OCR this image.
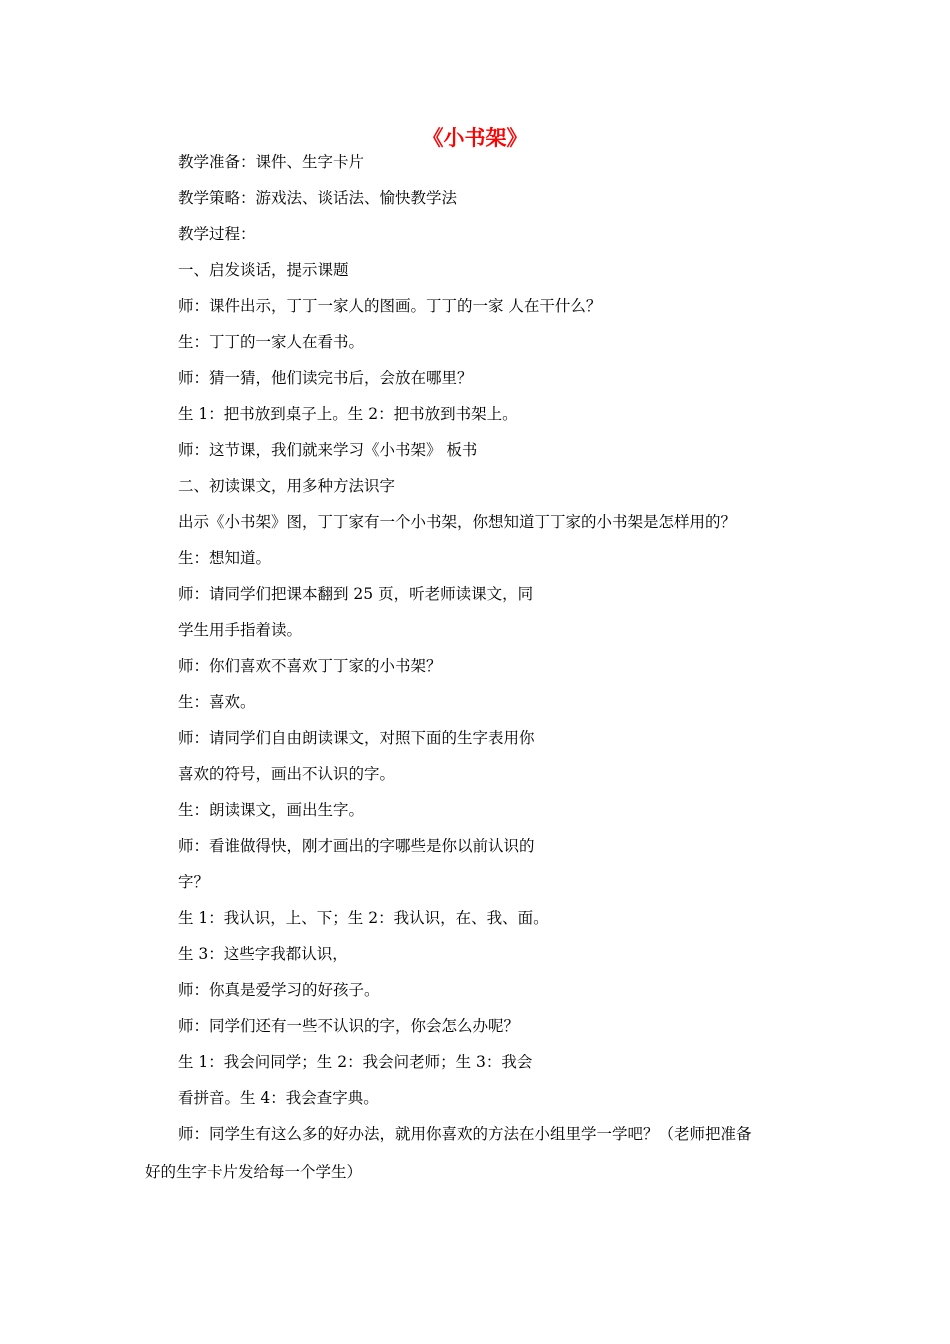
《小书架》
教学准备：课件、生字卡片
教学策略：游戏法、谈话法、愉快教学法
教学过程：
一、启发谈话，提示课题
师：课件出示，丁丁一家人的图画。丁丁的一家 人在干什么？
生：丁丁的一家人在看书。
师：猜一猜，他们读完书后，会放在哪里？
生 1：把书放到桌子上。生 2：把书放到书架上。
师：这节课，我们就来学习《小书架》 板书
二、初读课文，用多种方法识字
出示《小书架》图，丁丁家有一个小书架，你想知道丁丁家的小书架是怎样用的？
生：想知道。
师：请同学们把课本翻到 25 页，听老师读课文，同
学生用手指着读。
师：你们喜欢不喜欢丁丁家的小书架？
生：喜欢。
师：请同学们自由朗读课文，对照下面的生字表用你
喜欢的符号，画出不认识的字。
生：朗读课文，画出生字。
师：看谁做得快，刚才画出的字哪些是你以前认识的
字？
生 1：我认识，上、下；生 2：我认识，在、我、面。
生 3：这些字我都认识，
师：你真是爱学习的好孩子。
师：同学们还有一些不认识的字，你会怎么办呢？
生 1：我会问同学；生 2：我会问老师；生 3：我会
看拼音。生 4：我会查字典。
师：同学生有这么多的好办法，就用你喜欢的方法在小组里学一学吧？（老师把准备
好的生字卡片发给每一个学生）
